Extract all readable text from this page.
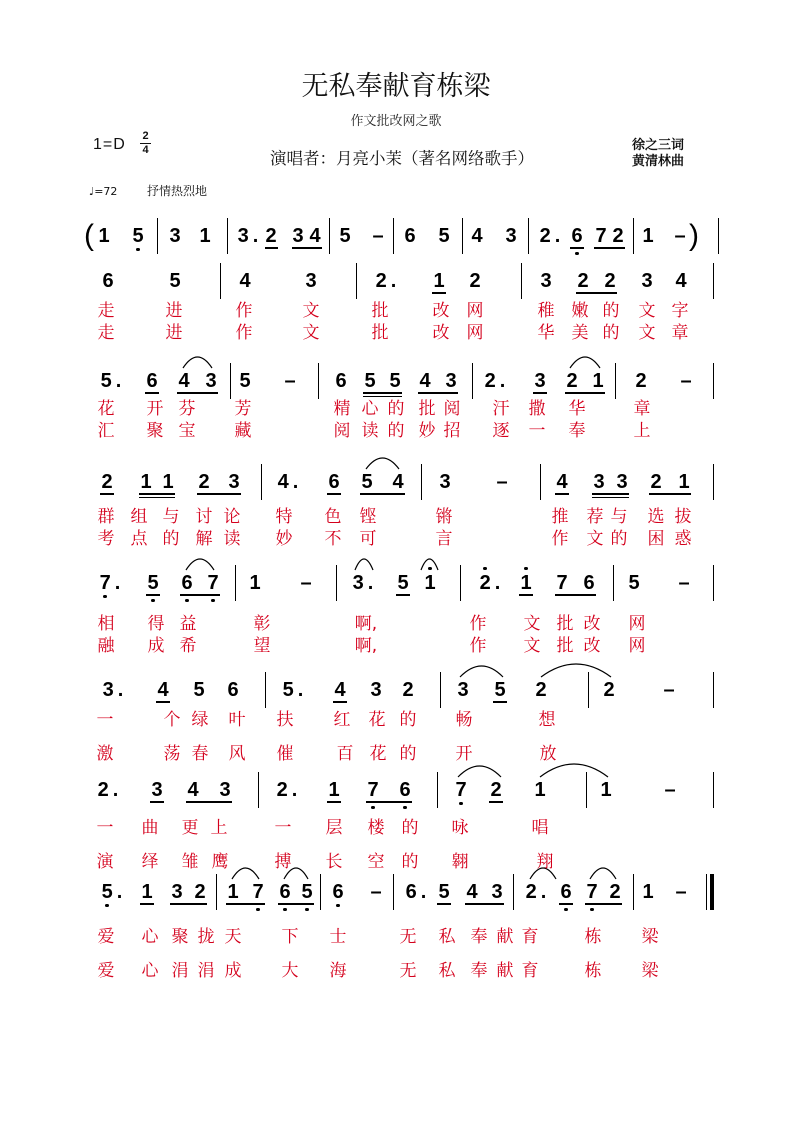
无私奉献育栋梁
作文批改网之歌
$1=D \frac{2}{4}$
演唱者：月亮小茉（著名网络歌手）
徐之三词
黄清林曲
♩=72 抒情热烈地
( 1 5 3 1 3. 2 3 4 5 – 6 5 4 3 2. 6 7 2 1 – )
6	5	4	3	2. 1 2	3 2 2 3 4
走	进	作	文	批	改 网	稚 嫩 的 文 字
走	进	作	文	批	改 网	华 美 的 文 章
5. 6 4 3 5 – 6 5 5 4 3 2. 3 2 1 2 –
花 开 芬 芳	精 心 的 批 阅 汗 撒 华	章
汇 聚 宝 藏	阅 读 的 妙 招 逐 一 奉	上
2 1 1 2 3 4. 6 5 4 3 – 4 3 3 2 1
群 组 与 讨 论 特 色 铿	锵	推 荐 与 选 拔
考 点 的 解 读 妙 不 可	言	作 文 的 困 惑
7. 5 6 7 1 – 3. 5 1 2. 1 7 6 5 –
相 得 益	彰	啊,	作 文 批 改 网
融 成 希	望	啊,	作 文 批 改 网
3. 4 5 6 5. 4 3 2 3 5 2	2 –
一	个 绿 叶 扶 红 花 的 畅	想
激	荡 春 风 催	百 花 的 开	放
2. 3 4 3 2. 1 7 6 7 2 1	1	–
一 曲 更 上	一 层 楼 的 咏	唱
演 绎 雏 鹰	搏 长 空 的 翱	翔
5. 1 3 2 1 7 6 5 6 – 6. 5 4 3 2. 6 7 2 1 –
爱 心 聚 拢 天 下 士	无 私 奉 献 育	栋 梁
爱 心 涓 涓 成 大 海	无 私 奉 献 育	栋 梁
